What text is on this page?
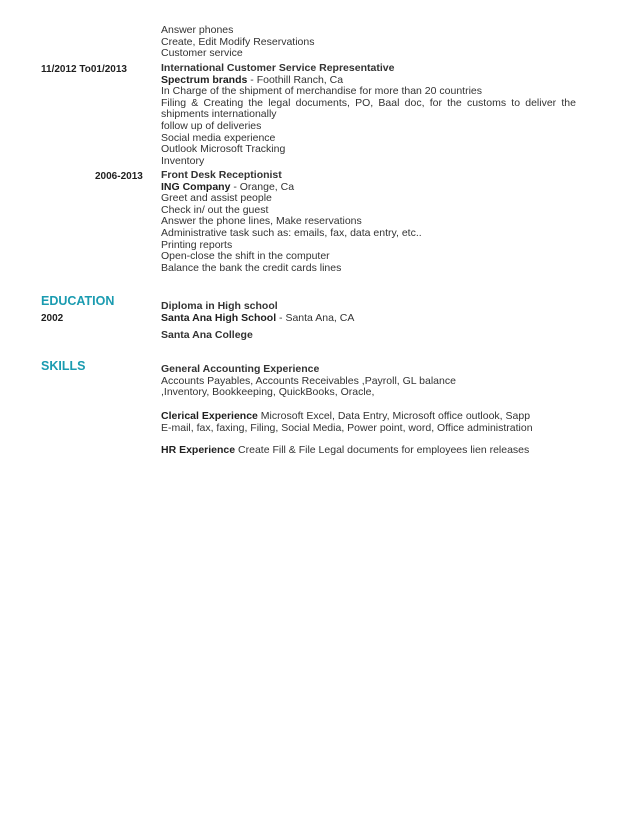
Answer phones
Create, Edit Modify Reservations
Customer service
11/2012 To01/2013	International Customer Service Representative
Spectrum brands - Foothill Ranch, Ca
In Charge of the shipment of merchandise for more than 20 countries
Filing & Creating the legal documents, PO, Baal doc, for the customs to deliver the
shipments internationally
follow up of deliveries
Social media experience
Outlook Microsoft Tracking
Inventory
2006-2013 Front Desk Receptionist
ING Company - Orange, Ca
Greet and assist people
Check in/ out the guest
Answer the phone lines, Make reservations
Administrative task such as: emails, fax, data entry, etc..
Printing reports
Open-close the shift in the computer
Balance the bank the credit cards lines
EDUCATION
2002
Diploma in High school
Santa Ana High School - Santa Ana, CA
Santa Ana College
SKILLS	General Accounting Experience
Accounts Payables, Accounts Receivables ,Payroll, GL balance
,Inventory, Bookkeeping, QuickBooks, Oracle,
Clerical Experience Microsoft Excel, Data Entry, Microsoft office outlook, Sapp
E-mail, fax, faxing, Filing, Social Media, Power point, word, Office administration
HR Experience Create Fill & File Legal documents for employees lien releases
